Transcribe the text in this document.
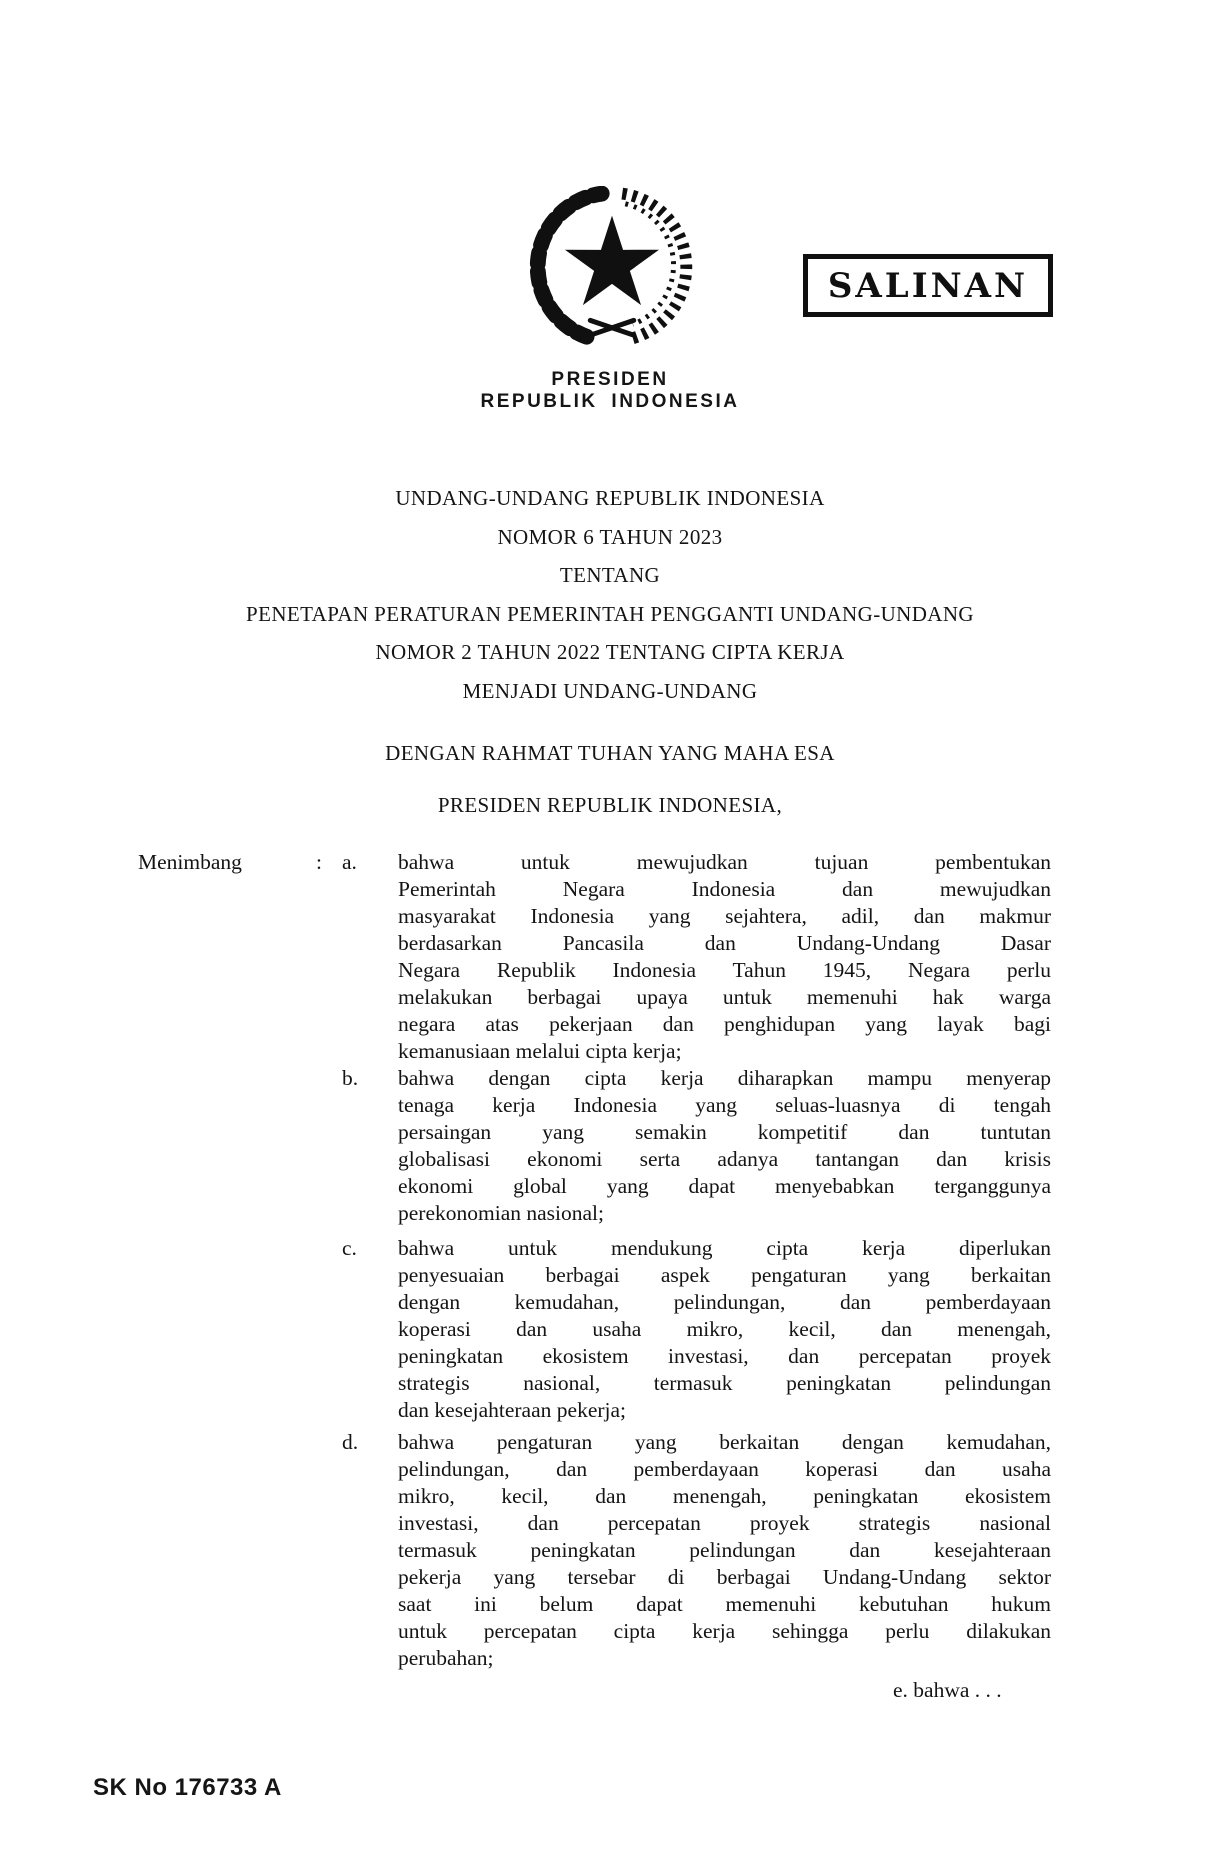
SALINAN
PRESIDEN
REPUBLIK INDONESIA
UNDANG-UNDANG REPUBLIK INDONESIA
NOMOR 6 TAHUN 2023
TENTANG
PENETAPAN PERATURAN PEMERINTAH PENGGANTI UNDANG-UNDANG
NOMOR 2 TAHUN 2022 TENTANG CIPTA KERJA
MENJADI UNDANG-UNDANG
DENGAN RAHMAT TUHAN YANG MAHA ESA
PRESIDEN REPUBLIK INDONESIA,
Menimbang	: a.	bahwa untuk mewujudkan tujuan pembentukan
Pemerintah Negara Indonesia dan mewujudkan
masyarakat Indonesia yang sejahtera, adil, dan makmur
berdasarkan Pancasila dan Undang-Undang Dasar
Negara Republik Indonesia Tahun 1945, Negara perlu
melakukan berbagai upaya untuk memenuhi hak warga
negara atas pekerjaan dan penghidupan yang layak bagi
kemanusiaan melalui cipta kerja;
b.	bahwa dengan cipta kerja diharapkan mampu menyerap
tenaga kerja Indonesia yang seluas-luasnya di tengah
persaingan yang semakin kompetitif dan tuntutan
globalisasi ekonomi serta adanya tantangan dan krisis
ekonomi global yang dapat menyebabkan terganggunya
perekonomian nasional;
c.	bahwa untuk mendukung cipta kerja diperlukan
penyesuaian berbagai aspek pengaturan yang berkaitan
dengan kemudahan, pelindungan, dan pemberdayaan
koperasi dan usaha mikro, kecil, dan menengah,
peningkatan ekosistem investasi, dan percepatan proyek
strategis nasional, termasuk peningkatan pelindungan
dan kesejahteraan pekerja;
d.	bahwa pengaturan yang berkaitan dengan kemudahan,
pelindungan, dan pemberdayaan koperasi dan usaha
mikro, kecil, dan menengah, peningkatan ekosistem
investasi, dan percepatan proyek strategis nasional
termasuk peningkatan pelindungan dan kesejahteraan
pekerja yang tersebar di berbagai Undang-Undang sektor
saat ini belum dapat memenuhi kebutuhan hukum
untuk percepatan cipta kerja sehingga perlu dilakukan
perubahan;
e. bahwa . . .
SK No 176733 A
